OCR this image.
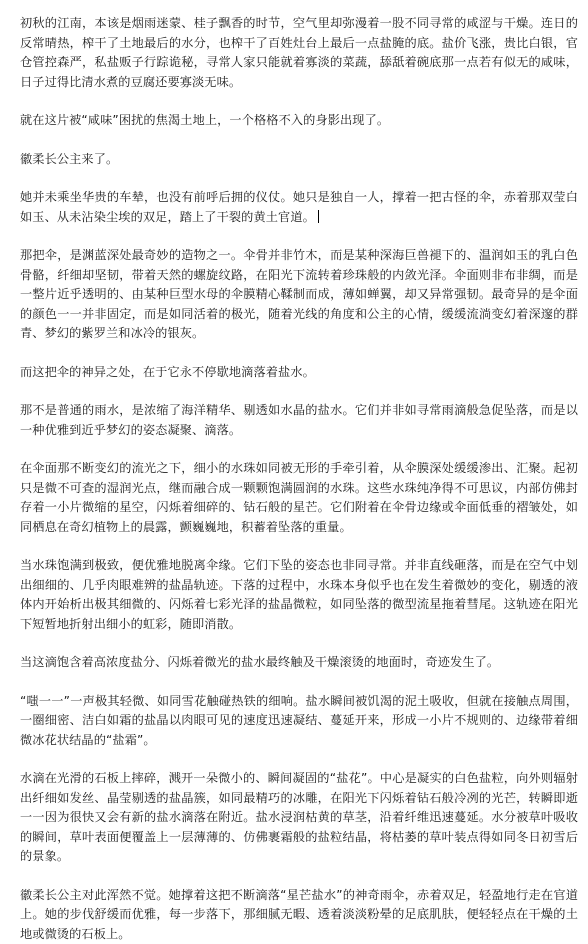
初秋的江南，本该是烟雨迷蒙、桂子飘香的时节，空气里却弥漫着一股不同寻常的咸涩与干燥。连日的反常晴热，榨干了土地最后的水分，也榨干了百姓灶台上最后一点盐腌的底。盐价飞涨，贵比白银，官仓管控森严，私盐贩子行踪诡秘，寻常人家只能就着寡淡的菜蔬，舔舐着碗底那一点若有似无的咸味，日子过得比清水煮的豆腐还要寡淡无味。

就在这片被“咸味”困扰的焦渴土地上，一个格格不入的身影出现了。

徽柔长公主来了。

她并未乘坐华贵的车辇，也没有前呼后拥的仪仗。她只是独自一人，撑着一把古怪的伞，赤着那双莹白如玉、从未沾染尘埃的双足，踏上了干裂的黄土官道。

那把伞，是渊蓝深处最奇妙的造物之一。伞骨并非竹木，而是某种深海巨兽褪下的、温润如玉的乳白色骨骼，纤细却坚韧，带着天然的螺旋纹路，在阳光下流转着珍珠般的内敛光泽。伞面则非布非绸，而是一整片近乎透明的、由某种巨型水母的伞膜精心鞣制而成，薄如蝉翼，却又异常强韧。最奇异的是伞面的颜色一一并非固定，而是如同活着的极光，随着光线的角度和公主的心情，缓缓流淌变幻着深邃的群青、梦幻的紫罗兰和冰冷的银灰。

而这把伞的神异之处，在于它永不停歇地滴落着盐水。

那不是普通的雨水，是浓缩了海洋精华、剔透如水晶的盐水。它们并非如寻常雨滴般急促坠落，而是以一种优雅到近乎梦幻的姿态凝聚、滴落。

在伞面那不断变幻的流光之下，细小的水珠如同被无形的手牵引着，从伞膜深处缓缓渗出、汇聚。起初只是微不可查的湿润光点，继而融合成一颗颗饱满圆润的水珠。这些水珠纯净得不可思议，内部仿佛封存着一小片微缩的星空，闪烁着细碎的、钻石般的星芒。它们附着在伞骨边缘或伞面低垂的褶皱处，如同栖息在奇幻植物上的晨露，颤巍巍地，积蓄着坠落的重量。

当水珠饱满到极致，便优雅地脱离伞缘。它们下坠的姿态也非同寻常。并非直线砸落，而是在空气中划出细细的、几乎肉眼难辨的盐晶轨迹。下落的过程中，水珠本身似乎也在发生着微妙的变化，剔透的液体内开始析出极其细微的、闪烁着七彩光泽的盐晶微粒，如同坠落的微型流星拖着彗尾。这轨迹在阳光下短暂地折射出细小的虹彩，随即消散。

当这滴饱含着高浓度盐分、闪烁着微光的盐水最终触及干燥滚烫的地面时，奇迹发生了。

“嗤一一”一声极其轻微、如同雪花触碰热铁的细响。盐水瞬间被饥渴的泥土吸收，但就在接触点周围，一圈细密、洁白如霜的盐晶以肉眼可见的速度迅速凝结、蔓延开来，形成一小片不规则的、边缘带着细微冰花状结晶的“盐霜”。

水滴在光滑的石板上摔碎，溅开一朵微小的、瞬间凝固的“盐花”。中心是凝实的白色盐粒，向外则辐射出纤细如发丝、晶莹剔透的盐晶簇，如同最精巧的冰雕，在阳光下闪烁着钻石般冷冽的光芒，转瞬即逝一一因为很快又会有新的盐水滴落在附近。盐水浸润枯黄的草茎，沿着纤维迅速蔓延。水分被草叶吸收的瞬间，草叶表面便覆盖上一层薄薄的、仿佛裹霜般的盐粒结晶，将枯萎的草叶装点得如同冬日初雪后的景象。

徽柔长公主对此浑然不觉。她撑着这把不断滴落“星芒盐水”的神奇雨伞，赤着双足，轻盈地行走在官道上。她的步伐舒缓而优雅，每一步落下，那细腻无暇、透着淡淡粉晕的足底肌肤，便轻轻点在干燥的土地或微烫的石板上。
